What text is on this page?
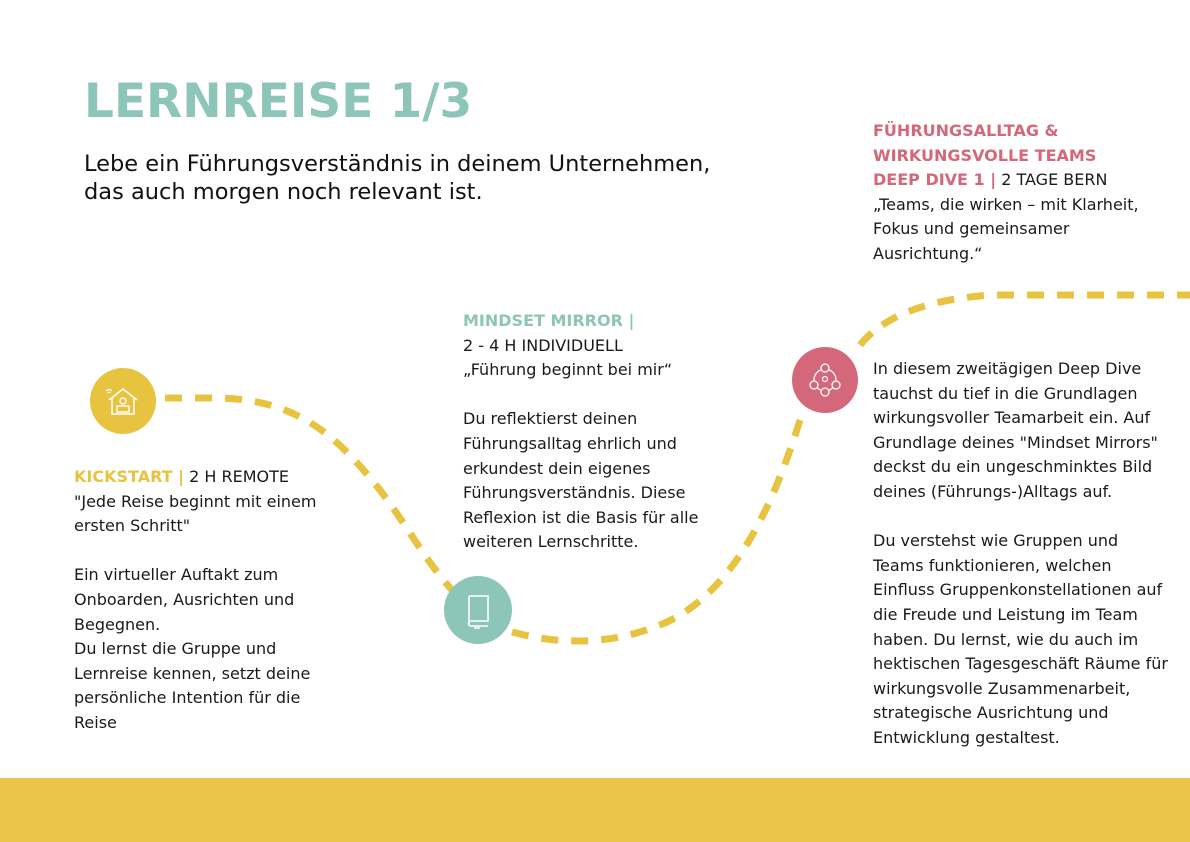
LERNREISE 1/3

Lebe ein Führungsverständnis in deinem Unternehmen, das auch morgen noch relevant ist.

KICKSTART | 2 H REMOTE

"Jede Reise beginnt mit einem

ersten Schritt"

Ein virtueller Auftakt zum

Onboarden, Ausrichten und

Begegnen.

Du lernst die Gruppe und

Lernreise kennen, setzt deine

persönliche Intention für die

Reise

MINDSET MIRROR |

2 - 4 H INDIVIDUELL

„Führung beginnt bei mir“

Du reflektierst deinen

Führungsalltag ehrlich und

erkundest dein eigenes

Führungsverständnis. Diese

Reflexion ist die Basis für alle

weiteren Lernschritte.

FÜHRUNGSALLTAG &

WIRKUNGSVOLLE TEAMS

DEEP DIVE 1 | 2 TAGE BERN

„Teams, die wirken – mit Klarheit,

Fokus und gemeinsamer

Ausrichtung.“

In diesem zweitägigen Deep Dive

tauchst du tief in die Grundlagen

wirkungsvoller Teamarbeit ein. Auf

Grundlage deines "Mindset Mirrors"

deckst du ein ungeschminktes Bild

deines (Führungs-)Alltags auf.

Du verstehst wie Gruppen und

Teams funktionieren, welchen

Einfluss Gruppenkonstellationen auf

die Freude und Leistung im Team

haben. Du lernst, wie du auch im

hektischen Tagesgeschäft Räume für

wirkungsvolle Zusammenarbeit,

strategische Ausrichtung und

Entwicklung gestaltest.
